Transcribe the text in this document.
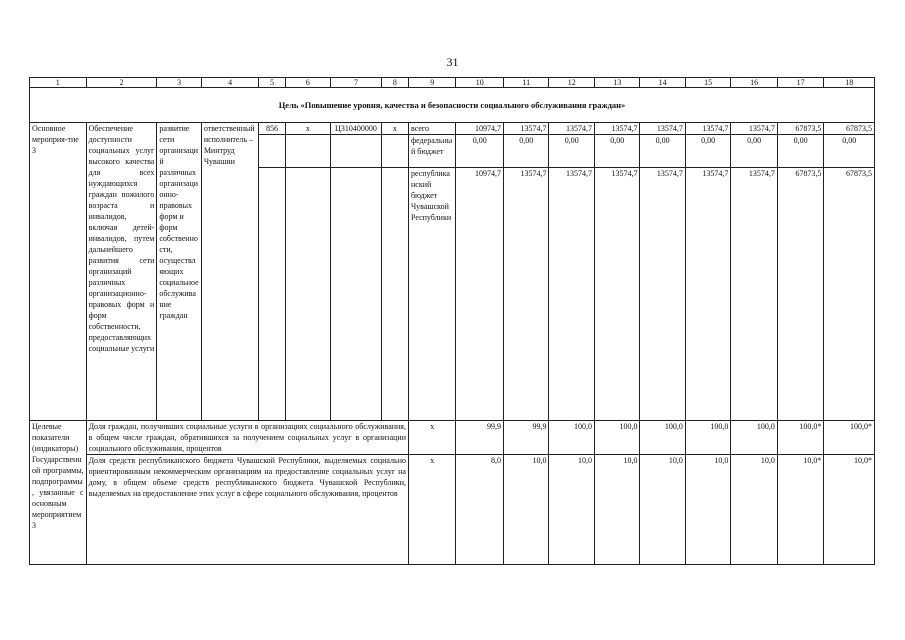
31
1	2	3	4	5	6	7	8	9	10	11	12	13	14	15	16	17	18
Цель «Повышение уровня, качества и безопасности социального обслуживания граждан»																	
Основное мероприя-тие 3	Обеспечение доступности социальных услуг высокого качества для всех нуждающихся граждан пожилого возраста и инвалидов, включая детей-инвалидов, путем дальнейшего развития сети организаций различных организационно-правовых форм и форм собственности, предоставляющих социальные услуги	развитие сети организаций различных организационно-правовых форм и форм собственности, осуществляющих социальное обслуживание граждан	ответственный исполнитель – Минтруд Чувашии	856	х	Ц310400000	х	всего	10974,7	13574,7	13574,7	13574,7	13574,7	13574,7	13574,7	67873,5	67873,5
								федеральный бюджет	0,00	0,00	0,00	0,00	0,00	0,00	0,00	0,00	0,00
								республиканский бюджет Чувашской Республики	10974,7	13574,7	13574,7	13574,7	13574,7	13574,7	13574,7	67873,5	67873,5
Целевые показатели (индикаторы) Государственной программы, подпрограммы, увязанные с основным мероприятием 3	Доля граждан, получивших социальные услуги в организациях социального обслуживания, в общем числе граждан, обратившихся за получением социальных услуг в организации социального обслуживания, процентов							х	99,9	99,9	100,0	100,0	100,0	100,0	100,0	100,0*	100,0*
	Доля средств республиканского бюджета Чувашской Республики, выделяемых социально ориентированным некоммерческим организациям на предоставление социальных услуг на дому, в общем объеме средств республиканского бюджета Чувашской Республики, выделяемых на предоставление этих услуг в сфере социального обслуживания, процентов							х	8,0	10,0	10,0	10,0	10,0	10,0	10,0	10,0*	10,0*
